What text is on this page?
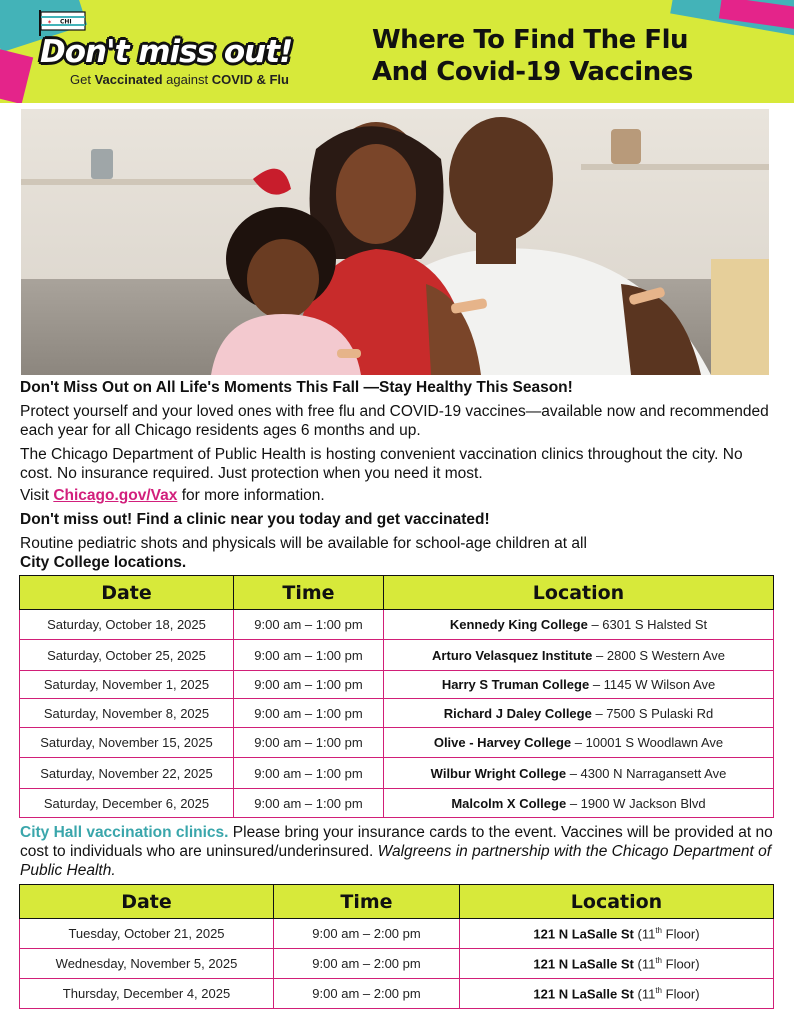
✶ CHI
Don't miss out!
Get Vaccinated against COVID & Flu
Where To Find The Flu
And Covid-19 Vaccines
Don't Miss Out on All Life's Moments This Fall —Stay Healthy This Season!
Protect yourself and your loved ones with free flu and COVID-19 vaccines—available now and recommended each year for all Chicago residents ages 6 months and up.
The Chicago Department of Public Health is hosting convenient vaccination clinics throughout the city. No cost. No insurance required. Just protection when you need it most.
Visit Chicago.gov/Vax for more information.
Don't miss out! Find a clinic near you today and get vaccinated!
Routine pediatric shots and physicals will be available for school-age children at all
City College locations.
Date	Time	Location
Saturday, October 18, 2025	9:00 am – 1:00 pm	Kennedy King College – 6301 S Halsted St
Saturday, October 25, 2025	9:00 am – 1:00 pm	Arturo Velasquez Institute – 2800 S Western Ave
Saturday, November 1, 2025	9:00 am – 1:00 pm	Harry S Truman College – 1145 W Wilson Ave
Saturday, November 8, 2025	9:00 am – 1:00 pm	Richard J Daley College – 7500 S Pulaski Rd
Saturday, November 15, 2025	9:00 am – 1:00 pm	Olive - Harvey College – 10001 S Woodlawn Ave
Saturday, November 22, 2025	9:00 am – 1:00 pm	Wilbur Wright College – 4300 N Narragansett Ave
Saturday, December 6, 2025	9:00 am – 1:00 pm	Malcolm X College – 1900 W Jackson Blvd
City Hall vaccination clinics. Please bring your insurance cards to the event. Vaccines will be provided at no cost to individuals who are uninsured/underinsured. Walgreens in partnership with the Chicago Department of Public Health.
Date	Time	Location
Tuesday, October 21, 2025	9:00 am – 2:00 pm	121 N LaSalle St (11th Floor)
Wednesday, November 5, 2025	9:00 am – 2:00 pm	121 N LaSalle St (11th Floor)
Thursday, December 4, 2025	9:00 am – 2:00 pm	121 N LaSalle St (11th Floor)
